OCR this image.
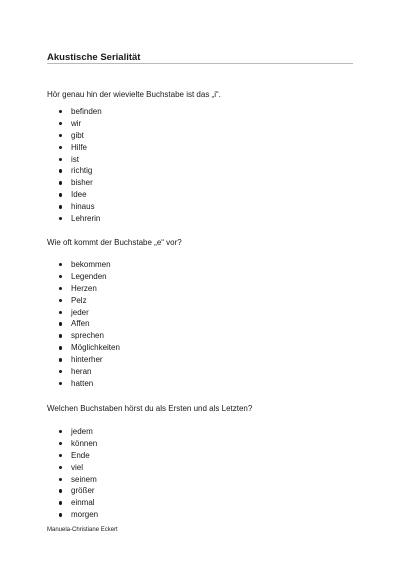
Akustische Serialität
Hör genau hin der wievielte Buchstabe ist das „i“.
befinden
wir
gibt
Hilfe
ist
richtig
bisher
Idee
hinaus
Lehrerin
Wie oft kommt der Buchstabe „e“ vor?
bekommen
Legenden
Herzen
Pelz
jeder
Affen
sprechen
Möglichkeiten
hinterher
heran
hatten
Welchen Buchstaben hörst du als Ersten und als Letzten?
jedem
können
Ende
viel
seinem
größer
einmal
morgen
Manuela-Christiane Eckert
